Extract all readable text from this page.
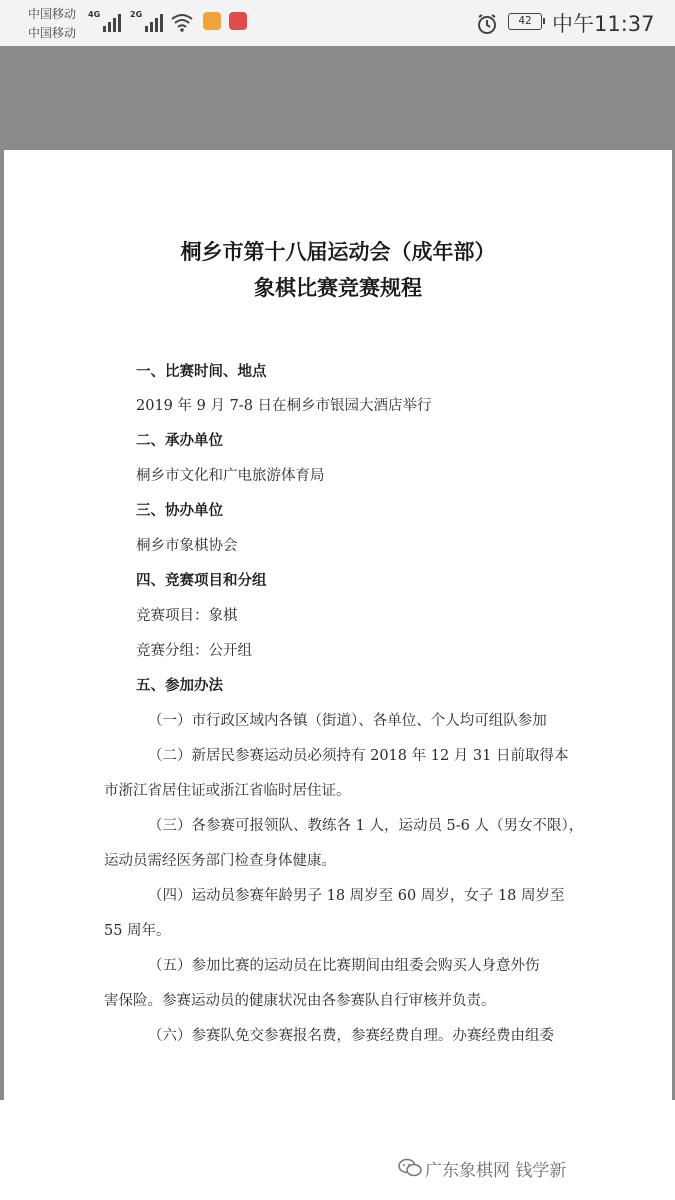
中国移动
中国移动
4G	2G	42 中午11:37
桐乡市第十八届运动会（成年部）
象棋比赛竞赛规程
一、比赛时间、地点
2019 年 9 月 7-8 日在桐乡市银园大酒店举行
二、承办单位
桐乡市文化和广电旅游体育局
三、协办单位
桐乡市象棋协会
四、竞赛项目和分组
竞赛项目：象棋
竞赛分组：公开组
五、参加办法
（一）市行政区域内各镇（街道）、各单位、个人均可组队参加
（二）新居民参赛运动员必须持有 2018 年 12 月 31 日前取得本
市浙江省居住证或浙江省临时居住证。
（三）各参赛可报领队、教练各 1 人，运动员 5-6 人（男女不限），
运动员需经医务部门检查身体健康。
（四）运动员参赛年龄男子 18 周岁至 60 周岁，女子 18 周岁至
55 周年。
（五）参加比赛的运动员在比赛期间由组委会购买人身意外伤
害保险。参赛运动员的健康状况由各参赛队自行审核并负责。
（六）参赛队免交参赛报名费，参赛经费自理。办赛经费由组委
广东象棋网 钱学新
